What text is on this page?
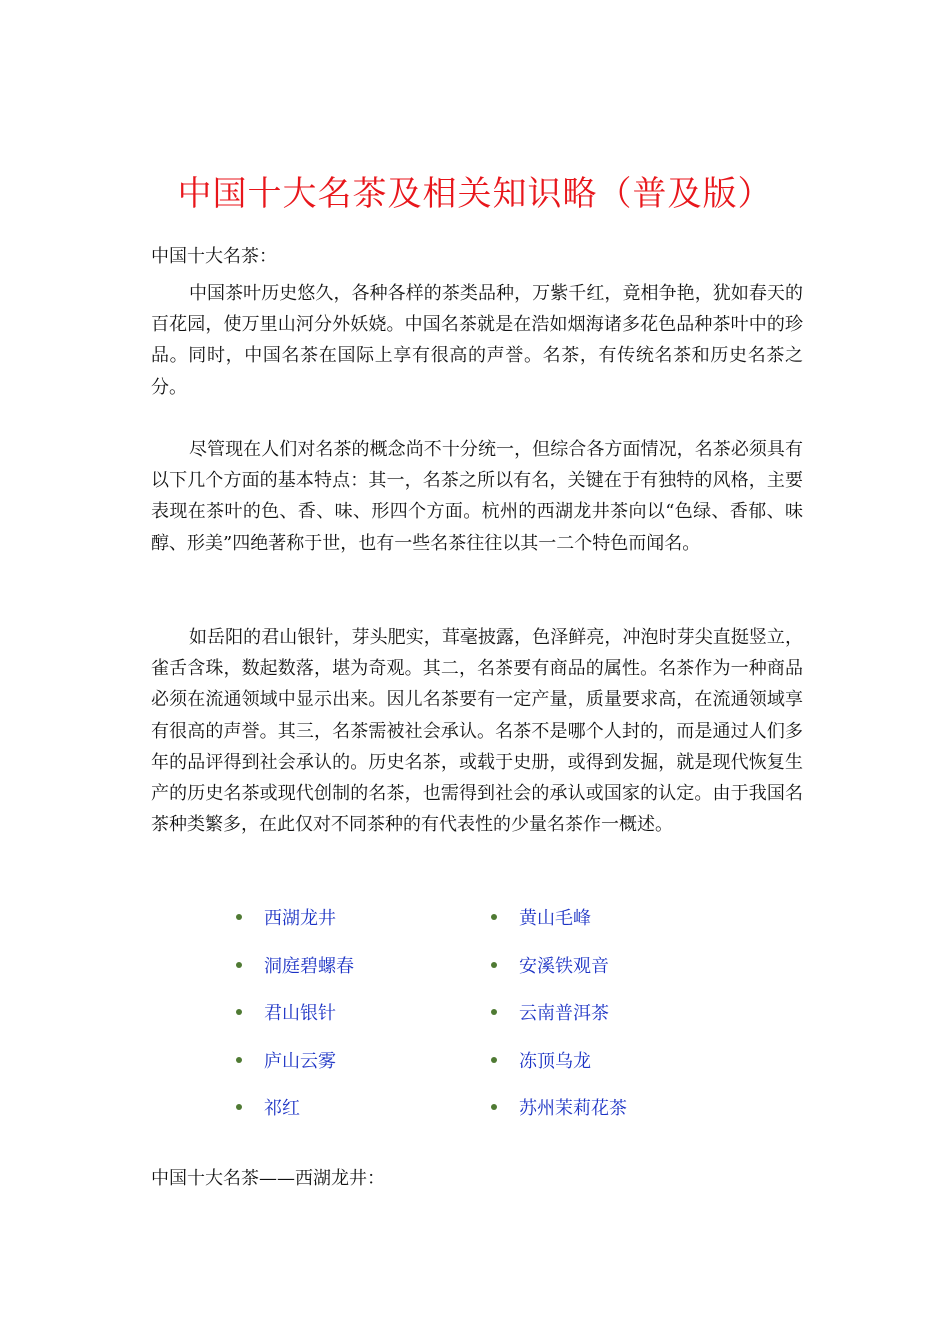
中国十大名茶及相关知识略（普及版）
中国十大名茶：

中国茶叶历史悠久，各种各样的茶类品种，万紫千红，竟相争艳，犹如春天的百花园，使万里山河分外妖娆。中国名茶就是在浩如烟海诸多花色品种茶叶中的珍品。同时，中国名茶在国际上享有很高的声誉。名茶，有传统名茶和历史名茶之分。

尽管现在人们对名茶的概念尚不十分统一，但综合各方面情况，名茶必须具有以下几个方面的基本特点：其一，名茶之所以有名，关键在于有独特的风格，主要表现在茶叶的色、香、味、形四个方面。杭州的西湖龙井茶向以“色绿、香郁、味醇、形美”四绝著称于世，也有一些名茶往往以其一二个特色而闻名。

如岳阳的君山银针，芽头肥实，茸毫披露，色泽鲜亮，冲泡时芽尖直挺竖立，雀舌含珠，数起数落，堪为奇观。其二，名茶要有商品的属性。名茶作为一种商品必须在流通领域中显示出来。因儿名茶要有一定产量，质量要求高，在流通领域享有很高的声誉。其三，名茶需被社会承认。名茶不是哪个人封的，而是通过人们多年的品评得到社会承认的。历史名茶，或载于史册，或得到发掘，就是现代恢复生产的历史名茶或现代创制的名茶，也需得到社会的承认或国家的认定。由于我国名茶种类繁多，在此仅对不同茶种的有代表性的少量名茶作一概述。

西湖龙井	黄山毛峰
洞庭碧螺春	安溪铁观音
君山银针	云南普洱茶
庐山云雾	冻顶乌龙
祁红	苏州茉莉花茶
中国十大名茶——西湖龙井：
